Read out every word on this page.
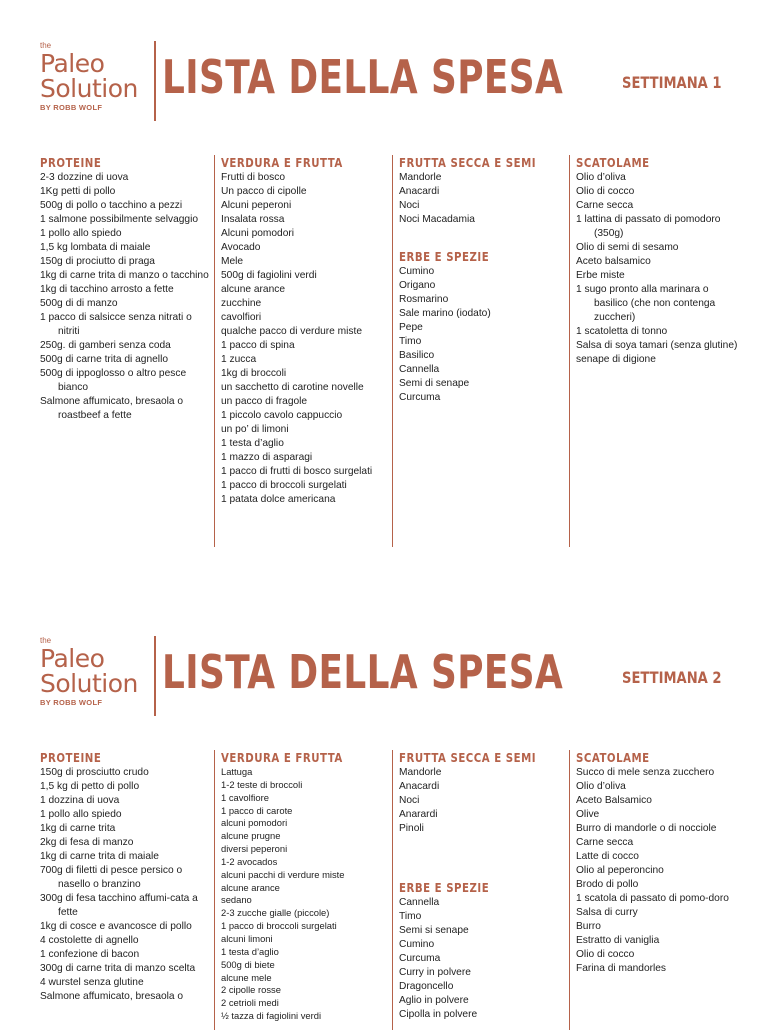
the
Paleo
Solution
BY ROBB WOLF
LISTA DELLA SPESA	SETTIMANA 1
PROTEINE
2-3 dozzine di uova
1Kg petti di pollo
500g di pollo o tacchino a pezzi
1 salmone possibilmente selvaggio
1 pollo allo spiedo
1,5 kg lombata di maiale
150g di prociutto di praga
1kg di carne trita di manzo o tacchino
1kg di tacchino arrosto a fette
500g di di manzo
1 pacco di salsicce senza nitrati o nitriti
250g. di gamberi senza coda
500g di carne trita di agnello
500g di ippoglosso o altro pesce bianco
Salmone affumicato, bresaola o roastbeef a fette
VERDURA E FRUTTA
Frutti di bosco
Un pacco di cipolle
Alcuni peperoni
Insalata rossa
Alcuni pomodori
Avocado
Mele
500g di fagiolini verdi
alcune arance
zucchine
cavolfiori
qualche pacco di verdure miste
1 pacco di spina
1 zucca
1kg di broccoli
un sacchetto di carotine novelle
un pacco di fragole
1 piccolo cavolo cappuccio
un po’ di limoni
1 testa d’aglio
1 mazzo di asparagi
1 pacco di frutti di bosco surgelati
1 pacco di broccoli surgelati
1 patata dolce americana
FRUTTA SECCA E SEMI
Mandorle
Anacardi
Noci
Noci Macadamia
ERBE E SPEZIE
Cumino
Origano
Rosmarino
Sale marino (iodato)
Pepe
Timo
Basilico
Cannella
Semi di senape
Curcuma
SCATOLAME
Olio d’oliva
Olio di cocco
Carne secca
1 lattina di passato di pomodoro (350g)
Olio di semi di sesamo
Aceto balsamico
Erbe miste
1 sugo pronto alla marinara o basilico (che non contenga zuccheri)
1 scatoletta di tonno
Salsa di soya tamari (senza glutine)
senape di digione
the
Paleo
Solution
BY ROBB WOLF
LISTA DELLA SPESA	SETTIMANA 2
PROTEINE
150g di prosciutto crudo
1,5 kg di petto di pollo
1 dozzina di uova
1 pollo allo spiedo
1kg di carne trita
2kg di fesa di manzo
1kg di carne trita di maiale
700g di filetti di pesce persico o nasello o branzino
300g di fesa tacchino affumi-cata a fette
1kg di cosce e avancosce di pollo
4 costolette di agnello
1 confezione di bacon
300g di carne trita di manzo scelta
4 wurstel senza glutine
Salmone affumicato, bresaola o
VERDURA E FRUTTA
Lattuga
1-2 teste di broccoli
1 cavolfiore
1 pacco di carote
alcuni pomodori
alcune prugne
diversi peperoni
1-2 avocados
alcuni pacchi di verdure miste
alcune arance
sedano
2-3 zucche gialle (piccole)
1 pacco di broccoli surgelati
alcuni limoni
1 testa d’aglio
500g di biete
alcune mele
2 cipolle rosse
2 cetrioli medi
½ tazza di fagiolini verdi
FRUTTA SECCA E SEMI
Mandorle
Anacardi
Noci
Anarardi
Pinoli
ERBE E SPEZIE
Cannella
Timo
Semi si senape
Cumino
Curcuma
Curry in polvere
Dragoncello
Aglio in polvere
Cipolla in polvere
SCATOLAME
Succo di mele senza zucchero
Olio d’oliva
Aceto Balsamico
Olive
Burro di mandorle o di nocciole
Carne secca
Latte di cocco
Olio al peperoncino
Brodo di pollo
1 scatola di passato di pomo-doro
Salsa di curry
Burro
Estratto di vaniglia
Olio di cocco
Farina di mandorles
